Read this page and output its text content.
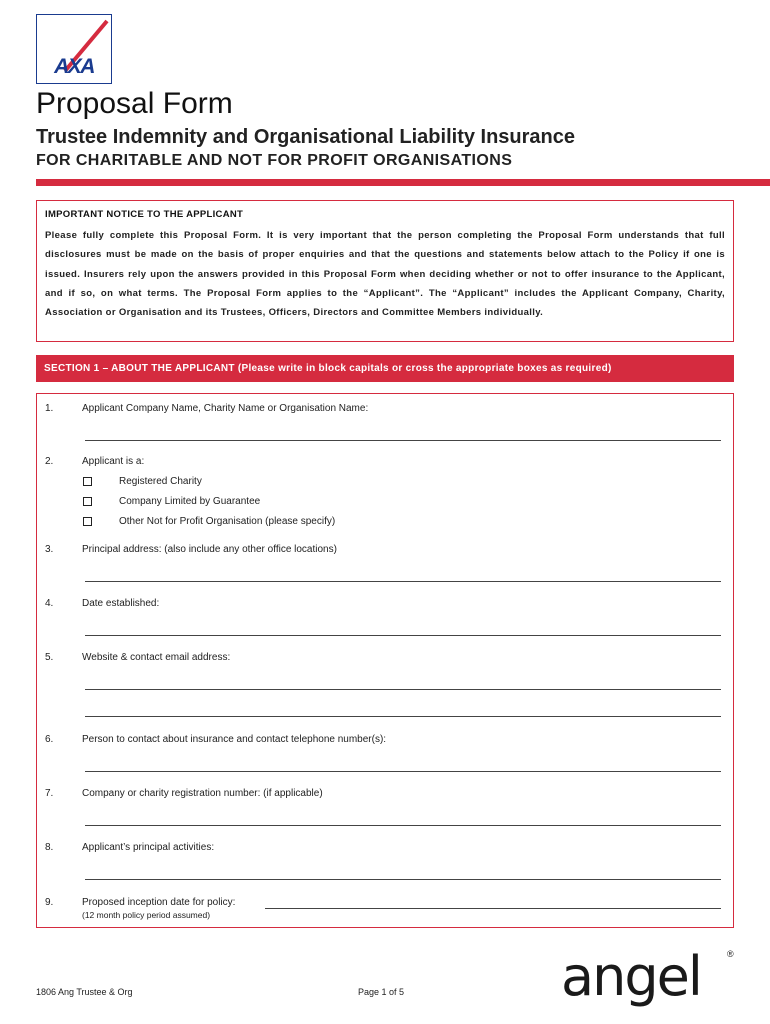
AXA
Proposal Form
Trustee Indemnity and Organisational Liability Insurance
FOR CHARITABLE AND NOT FOR PROFIT ORGANISATIONS
IMPORTANT NOTICE TO THE APPLICANT
Please fully complete this Proposal Form. It is very important that the person completing the Proposal Form understands that full disclosures must be made on the basis of proper enquiries and that the questions and statements below attach to the Policy if one is issued. Insurers rely upon the answers provided in this Proposal Form when deciding whether or not to offer insurance to the Applicant, and if so, on what terms. The Proposal Form applies to the “Applicant”. The “Applicant” includes the Applicant Company, Charity, Association or Organisation and its Trustees, Officers, Directors and Committee Members individually.
SECTION 1 – ABOUT THE APPLICANT (Please write in block capitals or cross the appropriate boxes as required)
1.	Applicant Company Name, Charity Name or Organisation Name:
2.	Applicant is a:
Registered Charity
Company Limited by Guarantee
Other Not for Profit Organisation (please specify)
3.	Principal address: (also include any other office locations)
4.	Date established:
5.	Website & contact email address:
6.	Person to contact about insurance and contact telephone number(s):
7.	Company or charity registration number: (if applicable)
8.	Applicant’s principal activities:
9.	Proposed inception date for policy:
(12 month policy period assumed)
1806 Ang Trustee & Org	Page 1 of 5	angel	®
